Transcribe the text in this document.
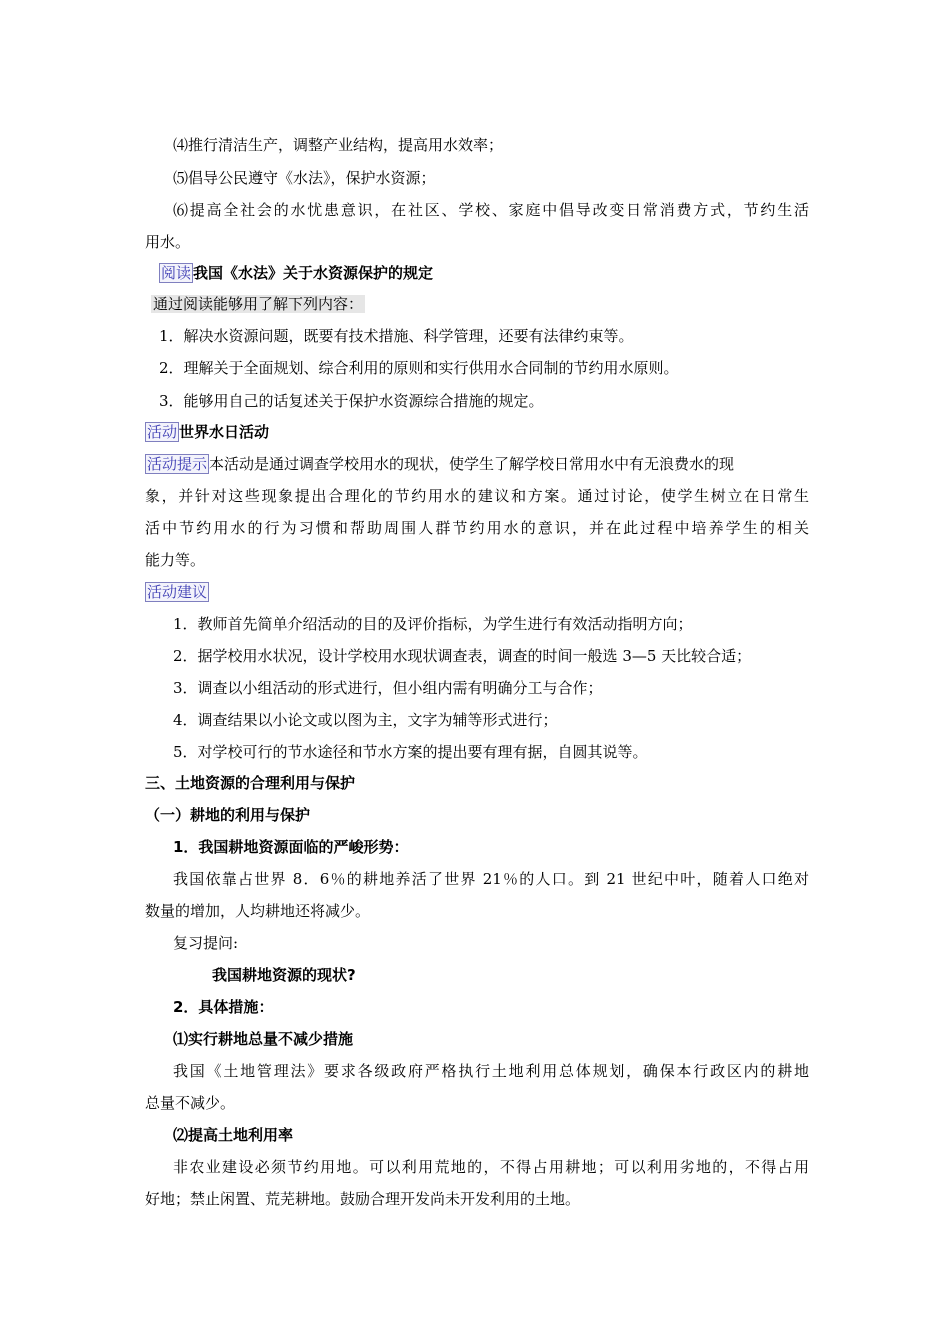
⑷推行清洁生产，调整产业结构，提高用水效率；
⑸倡导公民遵守《水法》，保护水资源；
⑹提高全社会的水忧患意识，在社区、学校、家庭中倡导改变日常消费方式，节约生活
用水。
阅读 我国《水法》关于水资源保护的规定
通过阅读能够用了解下列内容：
1．解决水资源问题，既要有技术措施、科学管理，还要有法律约束等。
2．理解关于全面规划、综合利用的原则和实行供用水合同制的节约用水原则。
3．能够用自己的话复述关于保护水资源综合措施的规定。
活动 世界水日活动
活动提示 本活动是通过调查学校用水的现状，使学生了解学校日常用水中有无浪费水的现
象，并针对这些现象提出合理化的节约用水的建议和方案。通过讨论，使学生树立在日常生
活中节约用水的行为习惯和帮助周围人群节约用水的意识，并在此过程中培养学生的相关
能力等。
活动建议
1．教师首先简单介绍活动的目的及评价指标，为学生进行有效活动指明方向；
2．据学校用水状况，设计学校用水现状调查表，调查的时间一般选 3—5 天比较合适；
3．调查以小组活动的形式进行，但小组内需有明确分工与合作；
4．调查结果以小论文或以图为主，文字为辅等形式进行；
5．对学校可行的节水途径和节水方案的提出要有理有据，自圆其说等。
三、土地资源的合理利用与保护
（一）耕地的利用与保护
1．我国耕地资源面临的严峻形势：
我国依靠占世界 8．6％的耕地养活了世界 21％的人口。到 21 世纪中叶，随着人口绝对
数量的增加，人均耕地还将减少。
复习提问:
我国耕地资源的现状?
2．具体措施：
⑴实行耕地总量不减少措施
我国《土地管理法》要求各级政府严格执行土地利用总体规划，确保本行政区内的耕地
总量不减少。
⑵提高土地利用率
非农业建设必须节约用地。可以利用荒地的，不得占用耕地；可以利用劣地的，不得占用
好地；禁止闲置、荒芜耕地。鼓励合理开发尚未开发利用的土地。
